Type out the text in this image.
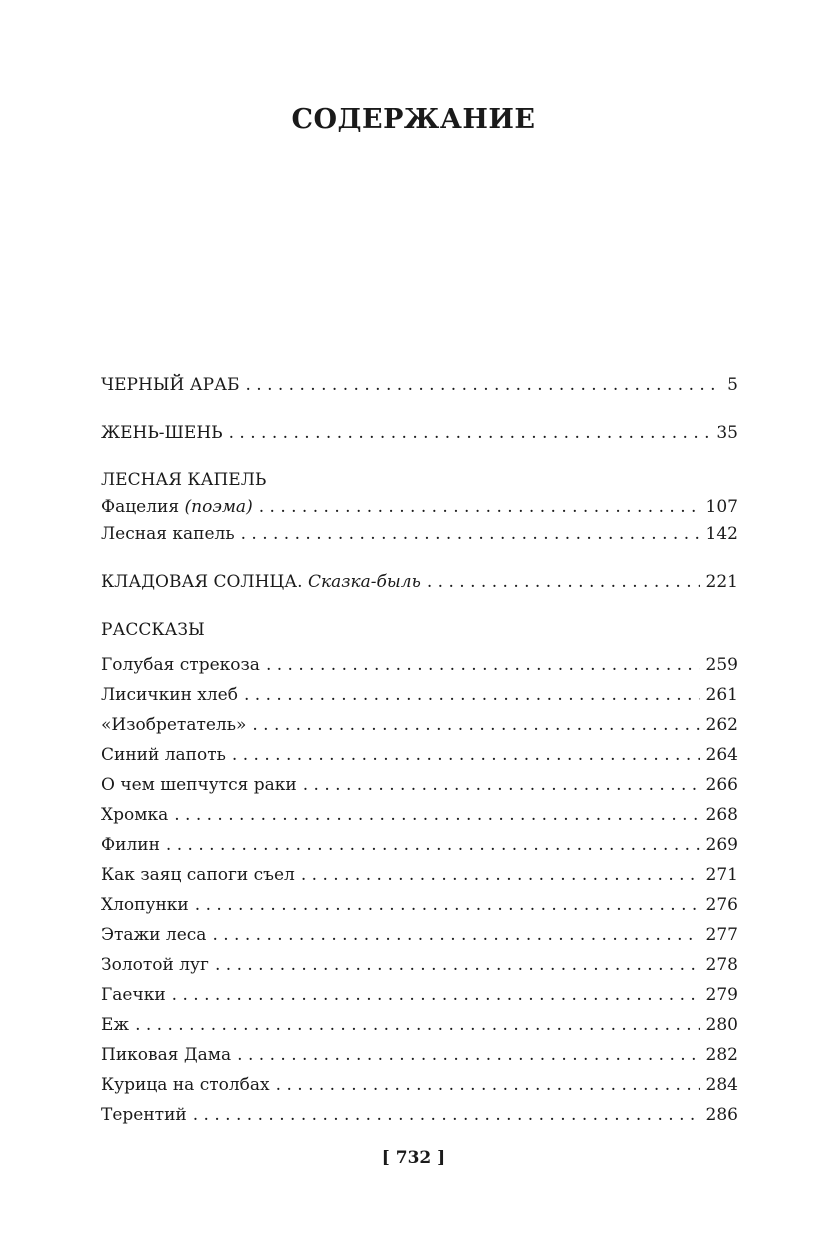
СОДЕРЖАНИЕ
ЧЕРНЫЙ АРАБ . . .	5
ЖЕНЬ-ШЕНЬ . . .	35
ЛЕСНАЯ КАПЕЛЬ
Фацелия (поэма) . . .	107
Лесная капель . . .	142
КЛАДОВАЯ СОЛНЦА. Сказка-быль . . .	221
РАССКАЗЫ
Голубая стрекоза . . .	259
Лисичкин хлеб . . .	261
«Изобретатель» . . .	262
Синий лапоть . . .	264
О чем шепчутся раки . . .	266
Хромка . . .	268
Филин . . .	269
Как заяц сапоги съел . . .	271
Хлопунки . . .	276
Этажи леса . . .	277
Золотой луг . . .	278
Гаечки . . .	279
Еж . . .	280
Пиковая Дама . . .	282
Курица на столбах . . .	284
Терентий . . .	286
[ 732 ]
